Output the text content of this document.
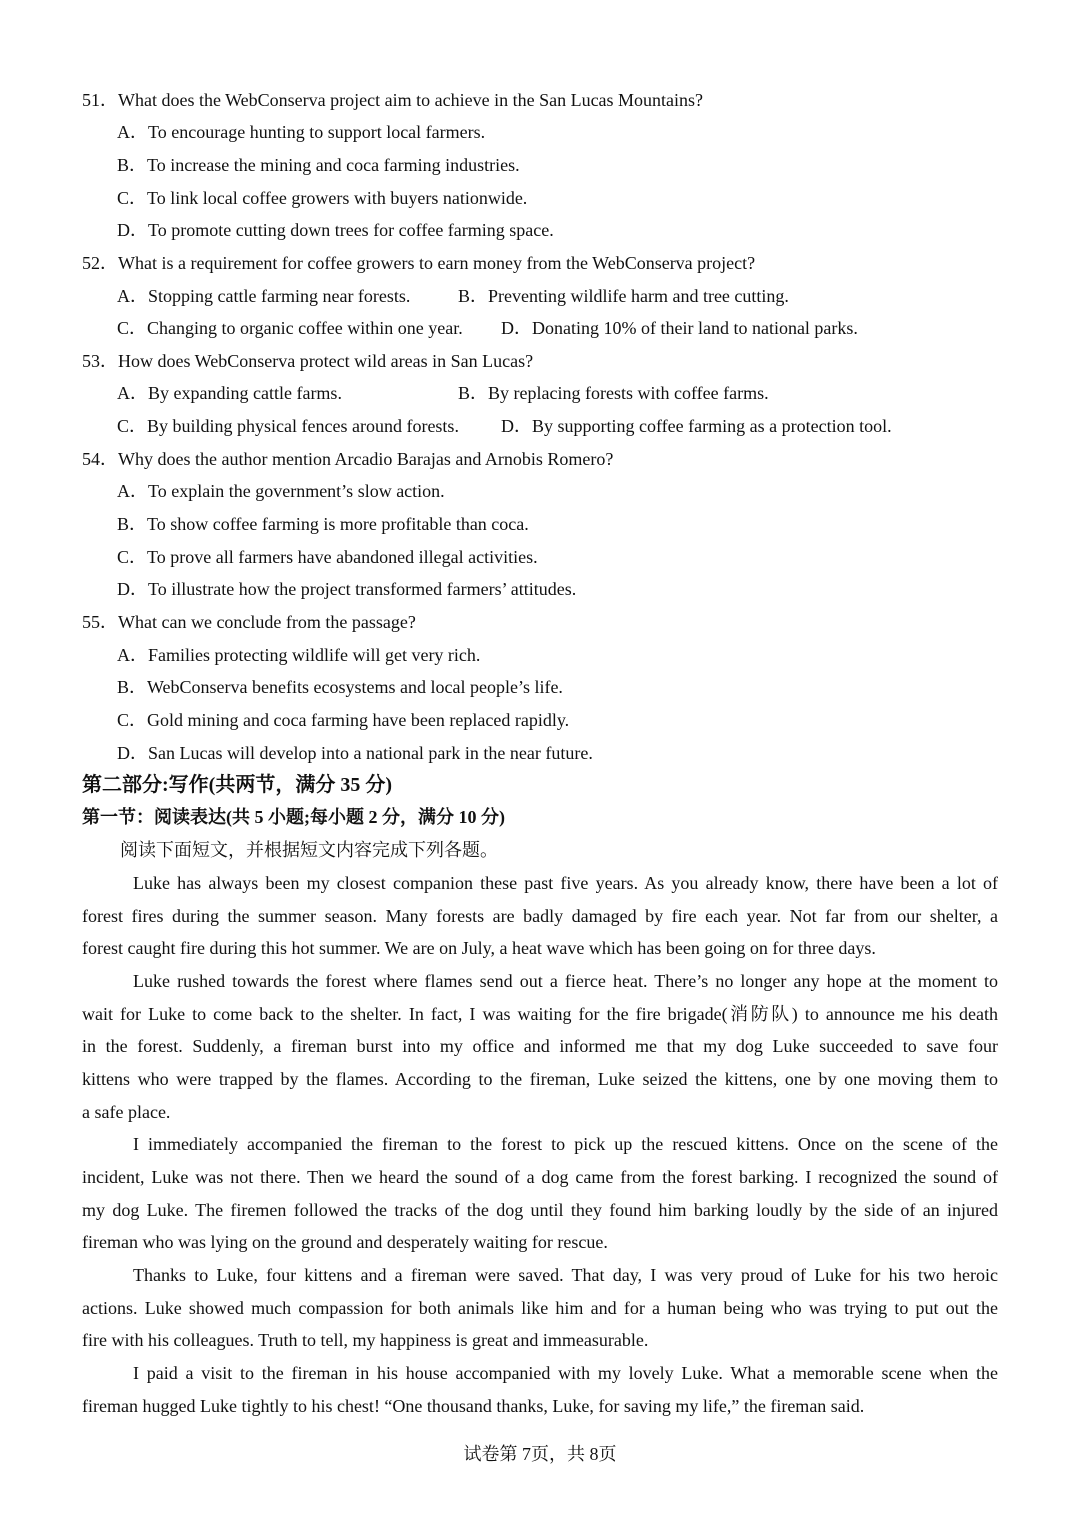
51．What does the WebConserva project aim to achieve in the San Lucas Mountains?
A．To encourage hunting to support local farmers.
B．To increase the mining and coca farming industries.
C．To link local coffee growers with buyers nationwide.
D．To promote cutting down trees for coffee farming space.
52．What is a requirement for coffee growers to earn money from the WebConserva project?
A．Stopping cattle farming near forests.	B．Preventing wildlife harm and tree cutting.
C．Changing to organic coffee within one year. D．Donating 10% of their land to national parks.
53．How does WebConserva protect wild areas in San Lucas?
A．By expanding cattle farms.	B．By replacing forests with coffee farms.
C．By building physical fences around forests. D．By supporting coffee farming as a protection tool.
54．Why does the author mention Arcadio Barajas and Arnobis Romero?
A．To explain the government’s slow action.
B．To show coffee farming is more profitable than coca.
C．To prove all farmers have abandoned illegal activities.
D．To illustrate how the project transformed farmers’ attitudes.
55．What can we conclude from the passage?
A．Families protecting wildlife will get very rich.
B．WebConserva benefits ecosystems and local people’s life.
C．Gold mining and coca farming have been replaced rapidly.
D．San Lucas will develop into a national park in the near future.
第二部分:写作(共两节，满分 35 分)
第一节：阅读表达(共 5 小题;每小题 2 分，满分 10 分)
阅读下面短文，并根据短文内容完成下列各题。
Luke has always been my closest companion these past five years. As you already know, there have been a lot of
forest fires during the summer season. Many forests are badly damaged by fire each year. Not far from our shelter, a
forest caught fire during this hot summer. We are on July, a heat wave which has been going on for three days.
Luke rushed towards the forest where flames send out a fierce heat. There’s no longer any hope at the moment to
wait for Luke to come back to the shelter. In fact, I was waiting for the fire brigade(消防队) to announce me his death
in the forest. Suddenly, a fireman burst into my office and informed me that my dog Luke succeeded to save four
kittens who were trapped by the flames. According to the fireman, Luke seized the kittens, one by one moving them to
a safe place.
I immediately accompanied the fireman to the forest to pick up the rescued kittens. Once on the scene of the
incident, Luke was not there. Then we heard the sound of a dog came from the forest barking. I recognized the sound of
my dog Luke. The firemen followed the tracks of the dog until they found him barking loudly by the side of an injured
fireman who was lying on the ground and desperately waiting for rescue.
Thanks to Luke, four kittens and a fireman were saved. That day, I was very proud of Luke for his two heroic
actions. Luke showed much compassion for both animals like him and for a human being who was trying to put out the
fire with his colleagues. Truth to tell, my happiness is great and immeasurable.
I paid a visit to the fireman in his house accompanied with my lovely Luke. What a memorable scene when the
fireman hugged Luke tightly to his chest! “One thousand thanks, Luke, for saving my life,” the fireman said.
试卷第 7页，共 8页
